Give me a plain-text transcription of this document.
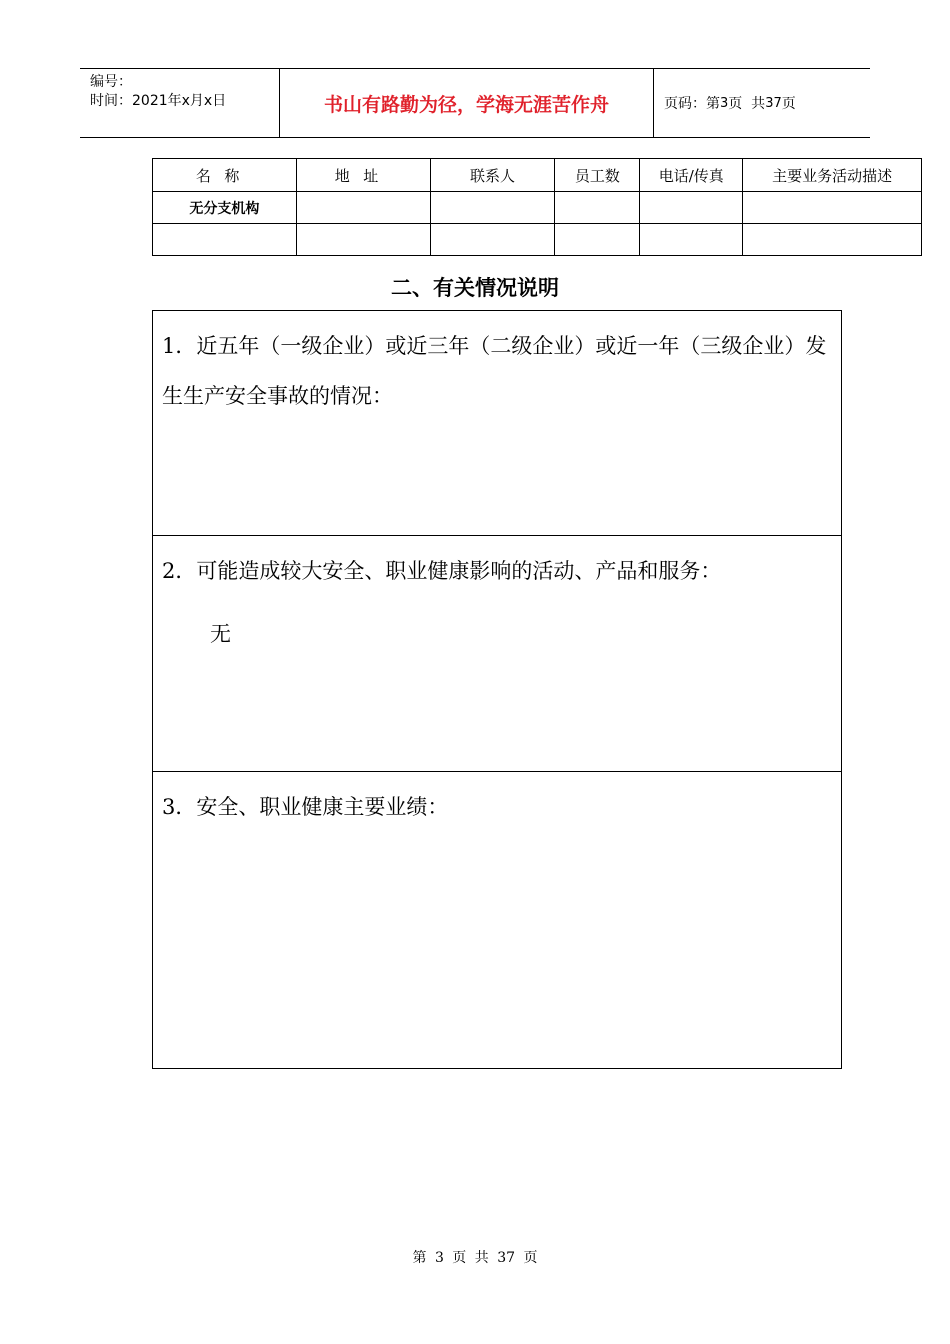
编号：
时间：2021年x月x日	书山有路勤为径，学海无涯苦作舟	页码：第 3 页  共 37 页
名称	地址	联系人	员工数	电话/传真	主要业务活动描述
无分支机构					

二、有关情况说明
1．近五年（一级企业）或近三年（二级企业）或近一年（三级企业）发生生产安全事故的情况：
2．可能造成较大安全、职业健康影响的活动、产品和服务：
无
3．安全、职业健康主要业绩：
第 3 页 共 37 页
